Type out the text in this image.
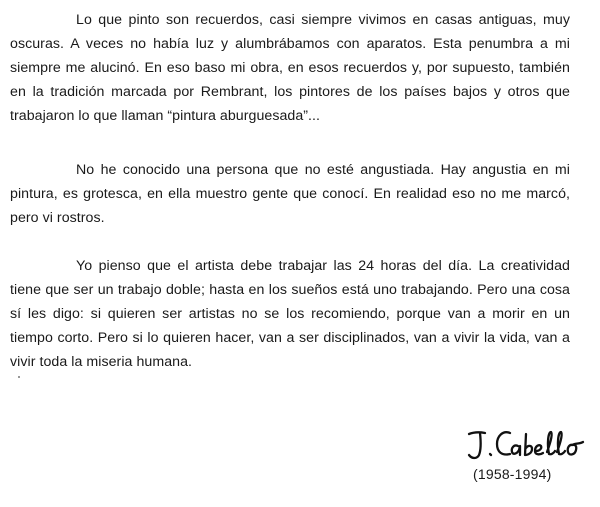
Lo que pinto son recuerdos, casi siempre vivimos en casas antiguas, muy oscuras. A veces no había luz y alumbrábamos con aparatos. Esta penumbra a mi siempre me alucinó. En eso baso mi obra, en esos recuerdos y, por supuesto, también en la tradición marcada por Rembrant, los pintores de los países bajos y otros que trabajaron lo que llaman “pintura aburguesada”...

No he conocido una persona que no esté angustiada. Hay angustia en mi pintura, es grotesca, en ella muestro gente que conocí. En realidad eso no me marcó, pero vi rostros.

Yo pienso que el artista debe trabajar las 24 horas del día. La creatividad tiene que ser un trabajo doble; hasta en los sueños está uno trabajando. Pero una cosa sí les digo: si quieren ser artistas no se los recomiendo, porque van a morir en un tiempo corto. Pero si lo quieren hacer, van a ser disciplinados, van a vivir la vida, van a vivir toda la miseria humana.

(1958-1994)
